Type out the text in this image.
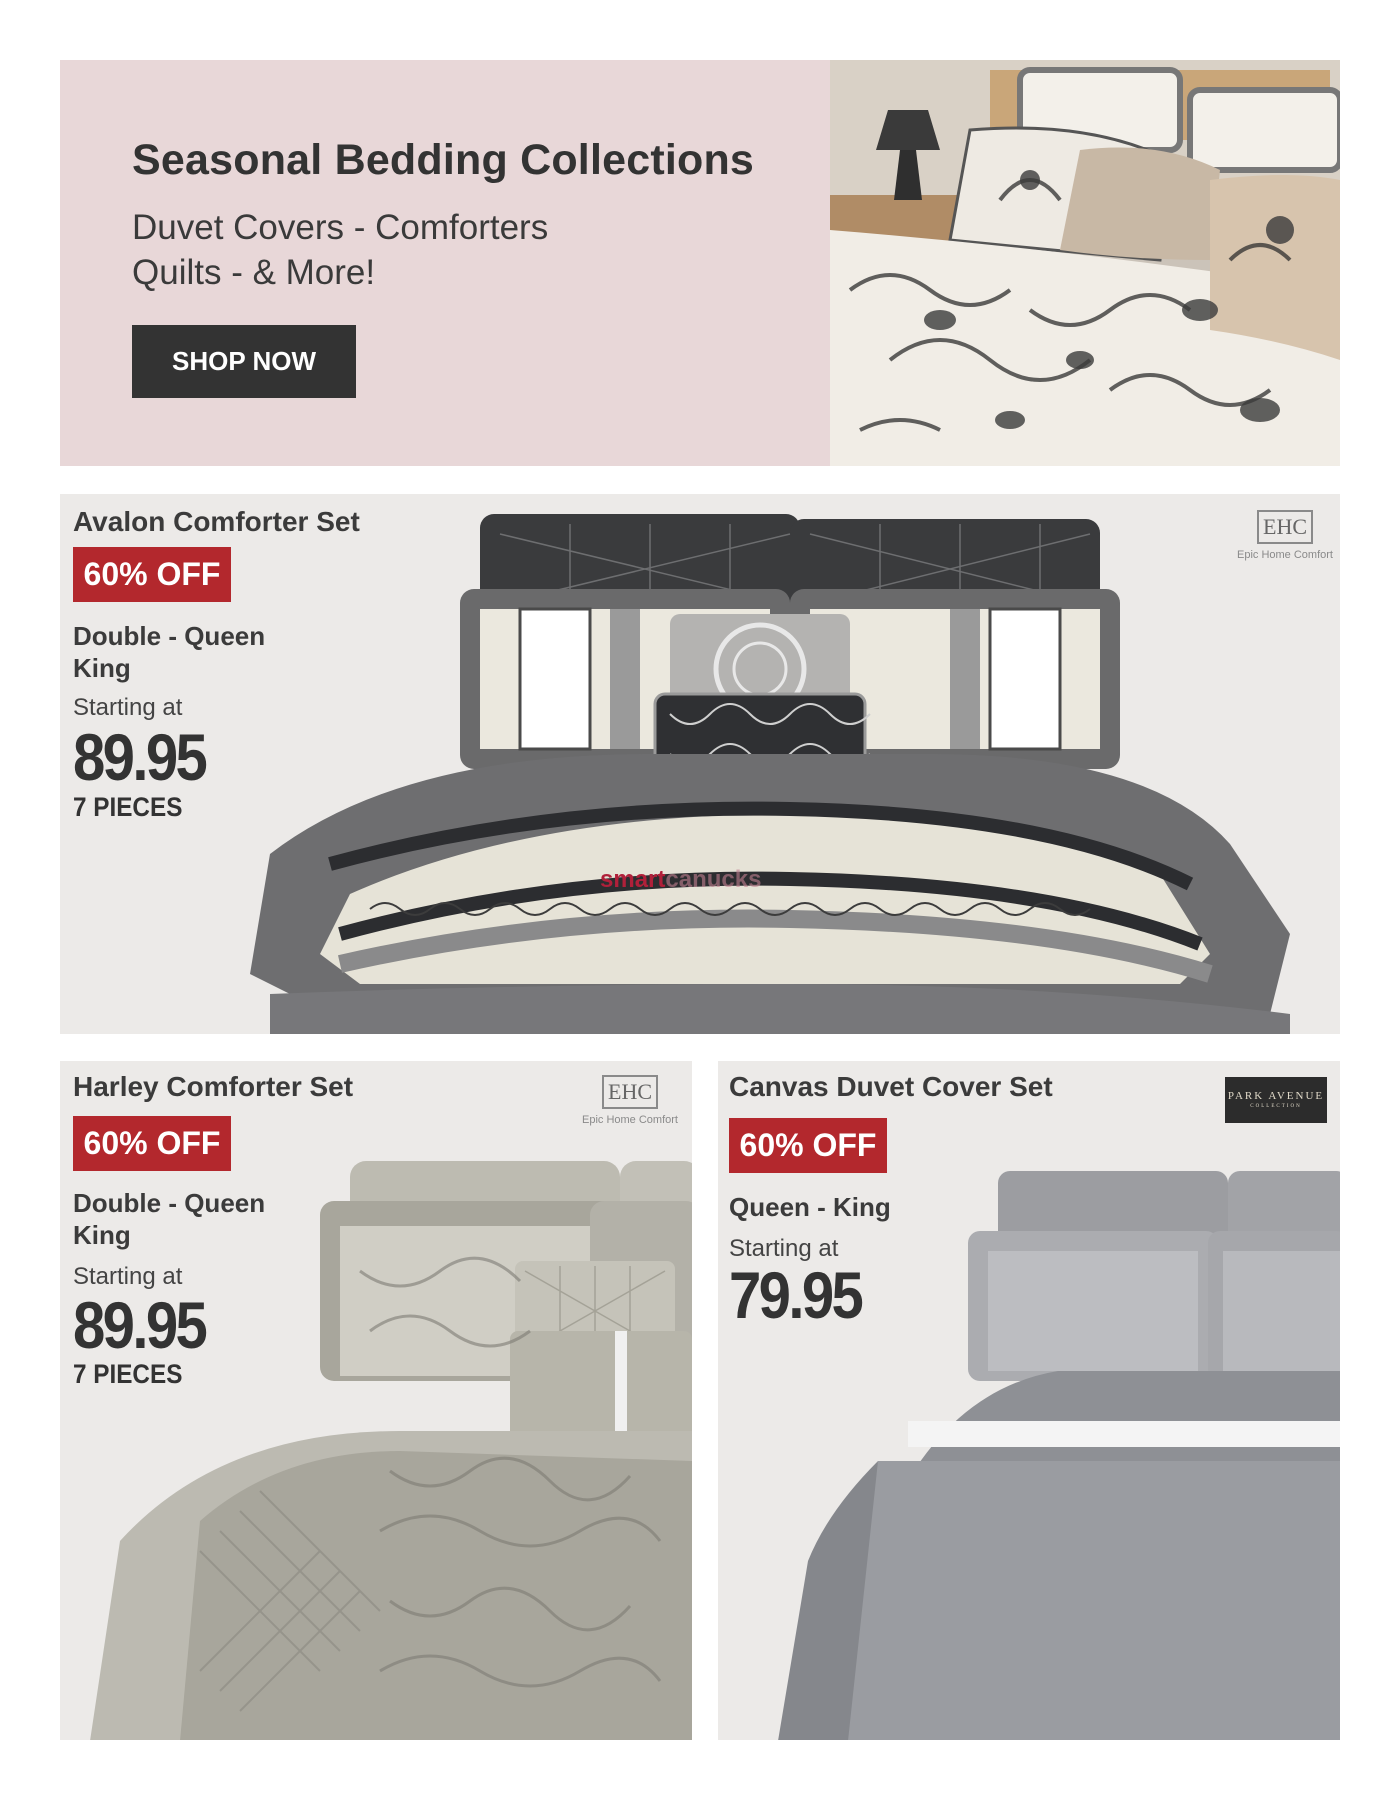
Seasonal Bedding Collections
Duvet Covers - Comforters
Quilts - & More!
SHOP NOW
Avalon Comforter Set
60% OFF
Double - Queen
King
Starting at
89.95
7 PIECES
EHC
Epic Home Comfort
smartcanucks
Harley Comforter Set
60% OFF
Double - Queen
King
Starting at
89.95
7 PIECES
EHC
Epic Home Comfort
Canvas Duvet Cover Set
60% OFF
Queen - King
Starting at
79.95
PARK AVENUE
COLLECTION
